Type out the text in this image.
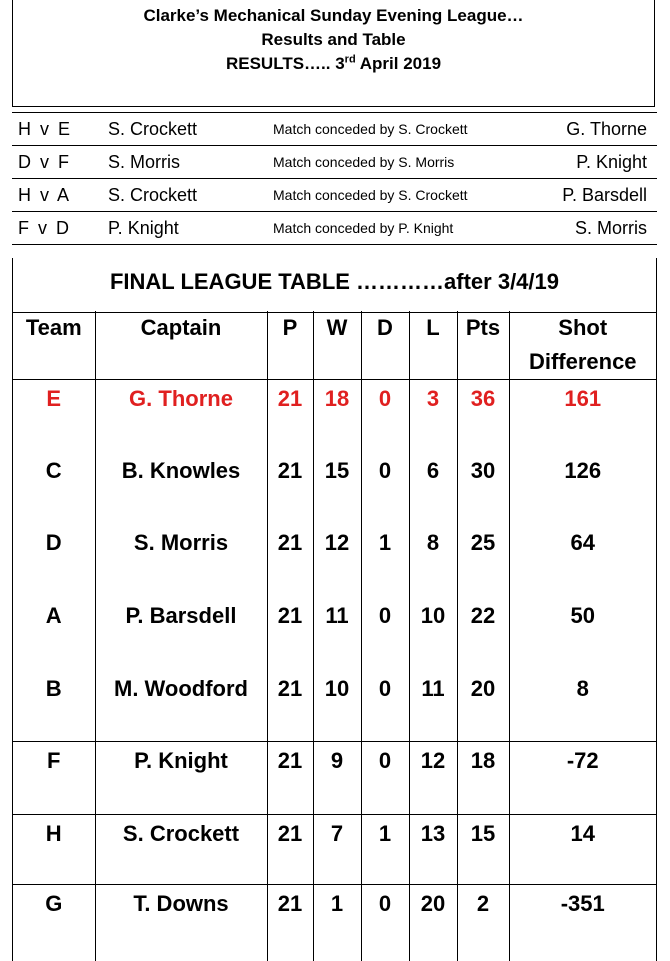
Clarke’s Mechanical Sunday Evening League…
Results and Table
RESULTS….. 3rd April 2019
H v E	S. Crockett	Match conceded by S. Crockett	G. Thorne
D v F	S. Morris	Match conceded by S. Morris	P. Knight
H v A	S. Crockett	Match conceded by S. Crockett	P. Barsdell
F v D	P. Knight	Match conceded by P. Knight	S. Morris
FINAL LEAGUE TABLE …………after 3/4/19
Team	Captain	P	W	D	L	Pts	Shot Difference
E	G. Thorne	21	18	0	3	36	161
C	B. Knowles	21	15	0	6	30	126
D	S. Morris	21	12	1	8	25	64
A	P. Barsdell	21	11	0	10	22	50
B	M. Woodford	21	10	0	11	20	8
F	P. Knight	21	9	0	12	18	-72
H	S. Crockett	21	7	1	13	15	14
G	T. Downs	21	1	0	20	2	-351
